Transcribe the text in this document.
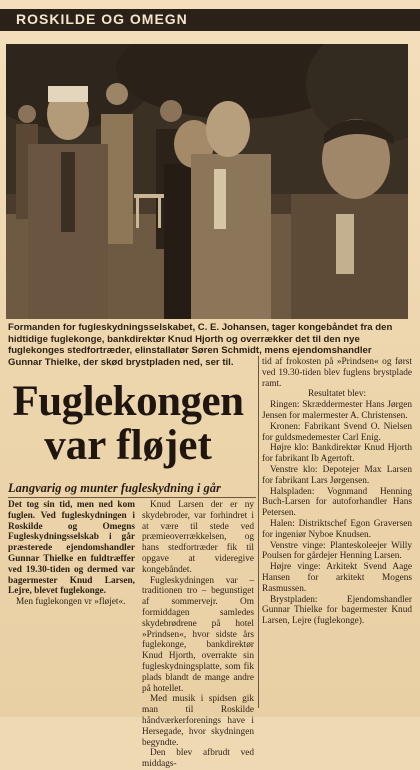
ROSKILDE OG OMEGN
Formanden for fugleskydningsselskabet, C. E. Johansen, tager kongebåndet fra den hidtidige fuglekonge, bankdirektør Knud Hjorth og overrækker det til den nye fuglekonges stedfortræder, elinstallatør Søren Schmidt, mens ejendomshandler Gunnar Thielke, der skød brystpladen ned, ser til.
Fuglekongen
var fløjet
Langvarig og munter fugleskydning i går

Det tog sin tid, men ned kom fuglen. Ved fugleskydningen i Roskilde og Omegns Fugleskydningsselskab i går præsterede ejendomshandler Gunnar Thielke en fuldtræffer ved 19.30-tiden og dermed var bagermester Knud Larsen, Lejre, blevet fuglekonge.

Men fuglekongen vr »fløjet«.

Knud Larsen der er ny skydebroder, var forhindret i at være til stede ved præmieoverrækkelsen, og hans stedfortræder fik til opgave at videregive kongebåndet.

Fugleskydningen var – traditionen tro – begunstiget af sommervejr. Om formiddagen samledes skydebrødrene på hotel »Prindsen«, hvor sidste års fuglekonge, bankdirektør Knud Hjorth, overrakte sin fugleskydningsplatte, som fik plads blandt de mange andre på hotellet.

Med musik i spidsen gik man til Roskilde håndværkerforenings have i Hersegade, hvor skydningen begyndte.

Den blev afbrudt ved middags-

tid af frokosten på »Prindsen« og først ved 19.30-tiden blev fuglens brystplade ramt.

Resultatet blev:

Ringen: Skræddermester Hans Jørgen Jensen for malermester A. Christensen.

Kronen: Fabrikant Svend O. Nielsen for guldsmedemester Carl Enig.

Højre klo: Bankdirektør Knud Hjorth for fabrikant Ib Agertoft.

Venstre klo: Depotejer Max Larsen for fabrikant Lars Jørgensen.

Halspladen: Vognmand Henning Buch-Larsen for autoforhandler Hans Petersen.

Halen: Distriktschef Egon Graversen for ingeniør Nyboe Knudsen.

Venstre vinge: Planteskoleejer Willy Poulsen for gårdejer Henning Larsen.

Højre vinge: Arkitekt Svend Aage Hansen for arkitekt Mogens Rasmussen.

Brystpladen: Ejendomshandler Gunnar Thielke for bagermester Knud Larsen, Lejre (fuglekonge).
